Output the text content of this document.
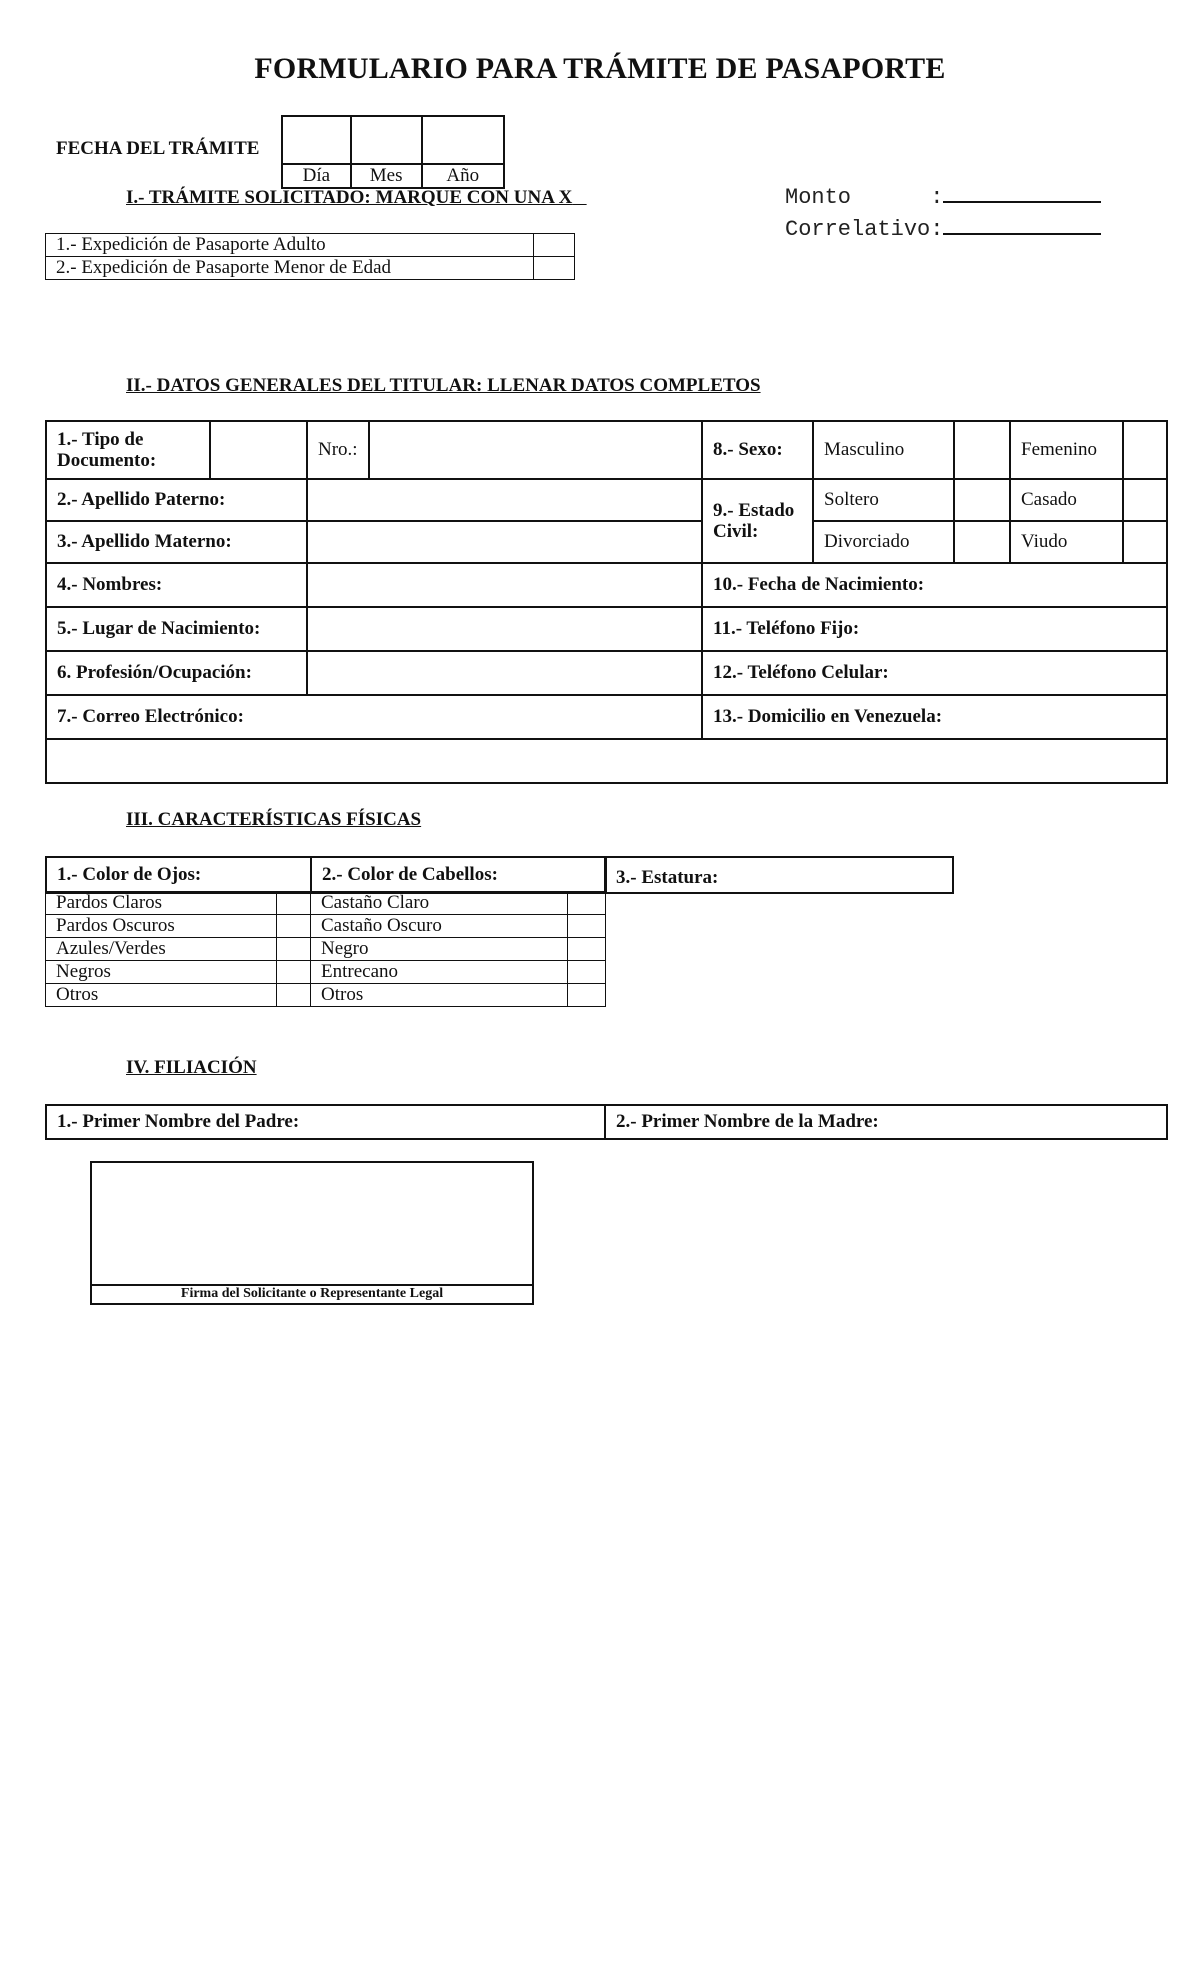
FORMULARIO PARA TRÁMITE DE PASAPORTE
FECHA DEL TRÁMITE

Día	Mes	Año
Monto      :
Correlativo:
I.- TRÁMITE SOLICITADO: MARQUE CON UNA X
1.- Expedición de Pasaporte Adulto	
2.- Expedición de Pasaporte Menor de Edad	
II.- DATOS GENERALES DEL TITULAR: LLENAR DATOS COMPLETOS
1.- Tipo de Documento:		Nro.:		8.- Sexo:	Masculino		Femenino	
2.- Apellido Paterno:				9.- Estado Civil:	Soltero		Casado	
3.- Apellido Materno:					Divorciado		Viudo	
4.- Nombres:				10.- Fecha de Nacimiento:				
5.- Lugar de Nacimiento:				11.- Teléfono Fijo:				
6. Profesión/Ocupación:				12.- Teléfono Celular:				
7.- Correo Electrónico:				13.- Domicilio en Venezuela:				

III. CARACTERÍSTICAS FÍSICAS
1.- Color de Ojos:	2.- Color de Cabellos:	3.- Estatura:
Pardos Claros		Castaño Claro	
Pardos Oscuros		Castaño Oscuro	
Azules/Verdes		Negro	
Negros		Entrecano	
Otros		Otros	
IV. FILIACIÓN
1.- Primer Nombre del Padre:	2.- Primer Nombre de la Madre:
Firma del Solicitante o Representante Legal
